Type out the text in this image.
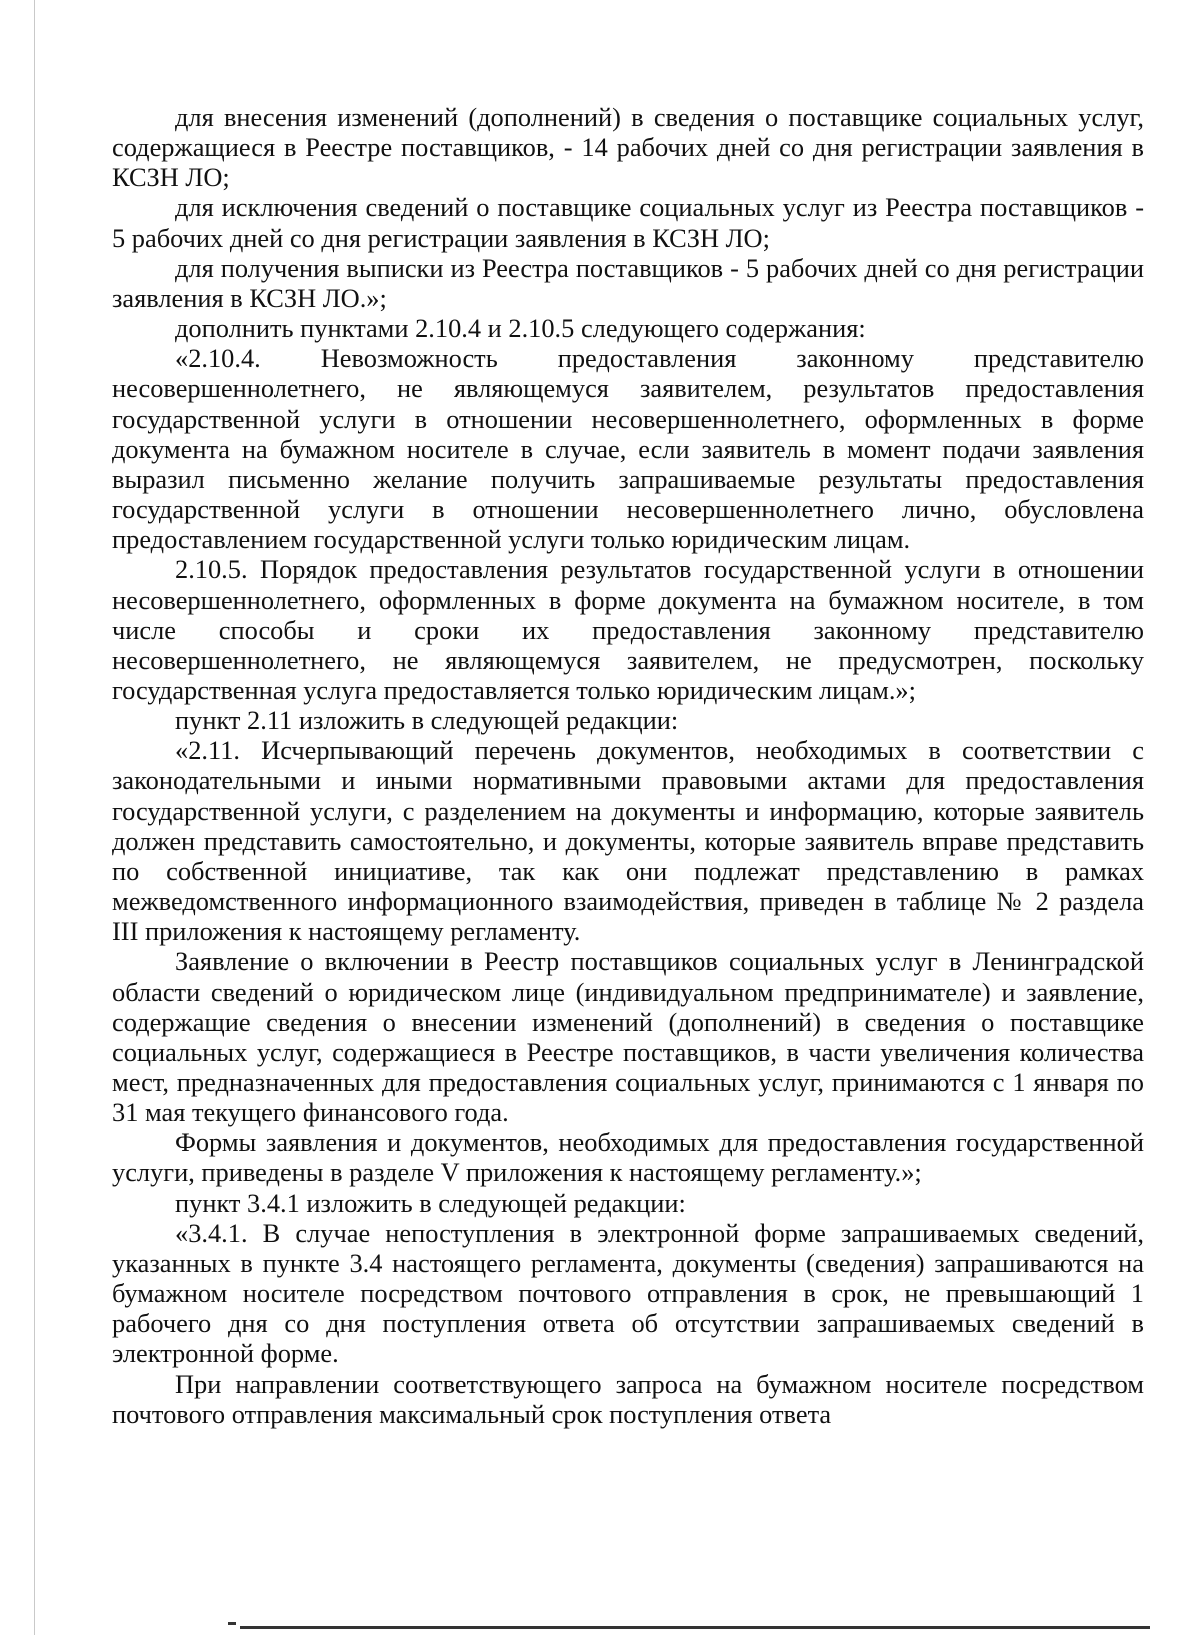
для внесения изменений (дополнений) в сведения о поставщике социальных услуг, содержащиеся в Реестре поставщиков, - 14 рабочих дней со дня регистрации заявления в КСЗН ЛО;

для исключения сведений о поставщике социальных услуг из Реестра поставщиков - 5 рабочих дней со дня регистрации заявления в КСЗН ЛО;

для получения выписки из Реестра поставщиков - 5 рабочих дней со дня регистрации заявления в КСЗН ЛО.»;

дополнить пунктами 2.10.4 и 2.10.5 следующего содержания:

«2.10.4. Невозможность предоставления законному представителю несовершеннолетнего, не являющемуся заявителем, результатов предоставления государственной услуги в отношении несовершеннолетнего, оформленных в форме документа на бумажном носителе в случае, если заявитель в момент подачи заявления выразил письменно желание получить запрашиваемые результаты предоставления государственной услуги в отношении несовершеннолетнего лично, обусловлена предоставлением государственной услуги только юридическим лицам.

2.10.5. Порядок предоставления результатов государственной услуги в отношении несовершеннолетнего, оформленных в форме документа на бумажном носителе, в том числе способы и сроки их предоставления законному представителю несовершеннолетнего, не являющемуся заявителем, не предусмотрен, поскольку государственная услуга предоставляется только юридическим лицам.»;

пункт 2.11 изложить в следующей редакции:

«2.11. Исчерпывающий перечень документов, необходимых в соответствии с законодательными и иными нормативными правовыми актами для предоставления государственной услуги, с разделением на документы и информацию, которые заявитель должен представить самостоятельно, и документы, которые заявитель вправе представить по собственной инициативе, так как они подлежат представлению в рамках межведомственного информационного взаимодействия, приведен в таблице № 2 раздела III приложения к настоящему регламенту.

Заявление о включении в Реестр поставщиков социальных услуг в Ленинградской области сведений о юридическом лице (индивидуальном предпринимателе) и заявление, содержащие сведения о внесении изменений (дополнений) в сведения о поставщике социальных услуг, содержащиеся в Реестре поставщиков, в части увеличения количества мест, предназначенных для предоставления социальных услуг, принимаются с 1 января по 31 мая текущего финансового года.

Формы заявления и документов, необходимых для предоставления государственной услуги, приведены в разделе V приложения к настоящему регламенту.»;

пункт 3.4.1 изложить в следующей редакции:

«3.4.1. В случае непоступления в электронной форме запрашиваемых сведений, указанных в пункте 3.4 настоящего регламента, документы (сведения) запрашиваются на бумажном носителе посредством почтового отправления в срок, не превышающий 1 рабочего дня со дня поступления ответа об отсутствии запрашиваемых сведений в электронной форме.

При направлении соответствующего запроса на бумажном носителе посредством почтового отправления максимальный срок поступления ответа
